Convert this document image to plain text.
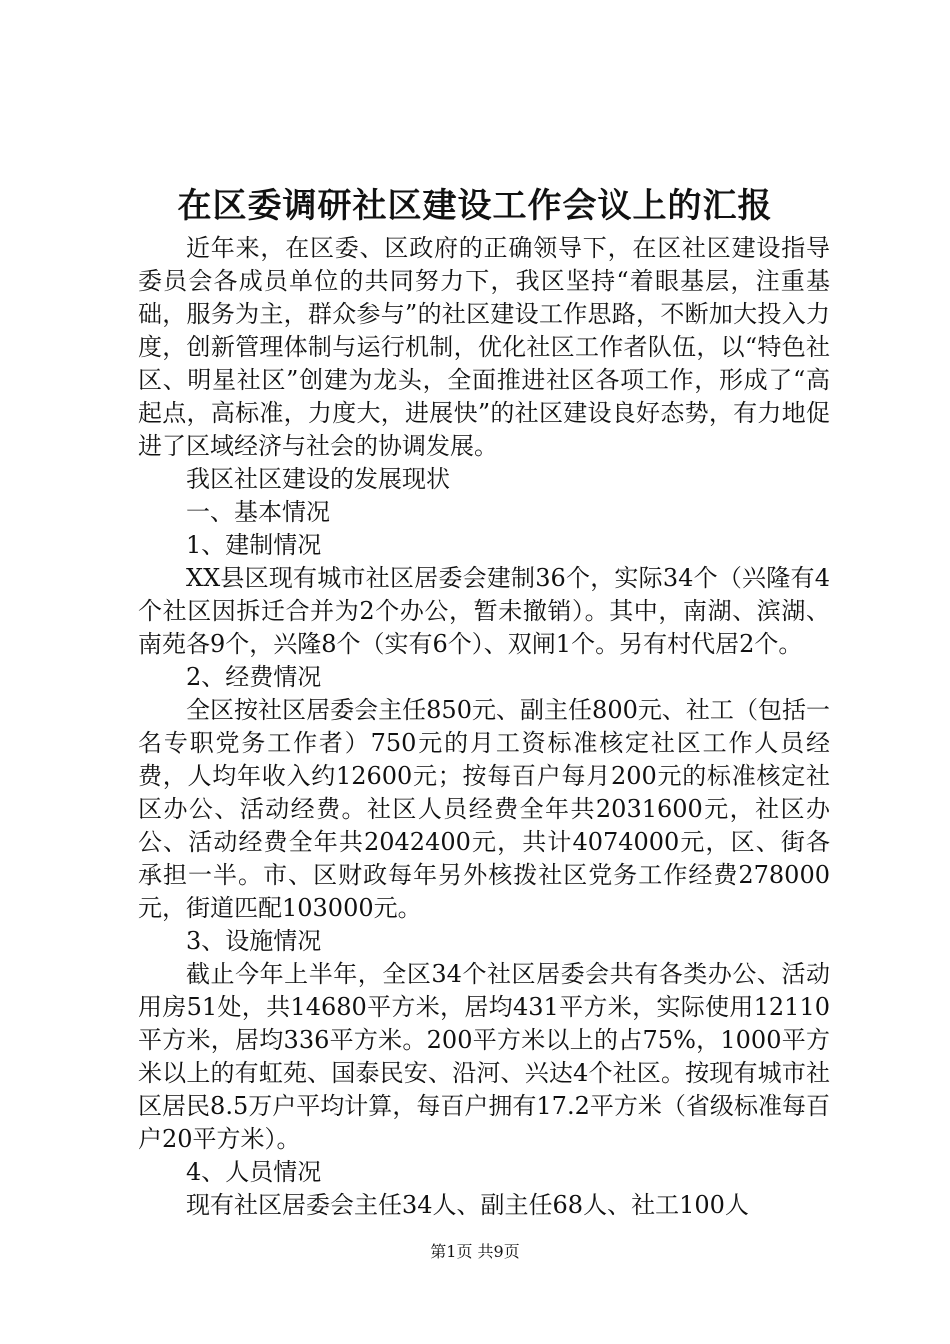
在区委调研社区建设工作会议上的汇报

近年来，在区委、区政府的正确领导下，在区社区建设指导委员会各成员单位的共同努力下，我区坚持“着眼基层，注重基础，服务为主，群众参与”的社区建设工作思路，不断加大投入力度，创新管理体制与运行机制，优化社区工作者队伍，以“特色社区、明星社区”创建为龙头，全面推进社区各项工作，形成了“高起点，高标准，力度大，进展快”的社区建设良好态势，有力地促进了区域经济与社会的协调发展。

我区社区建设的发展现状

一、基本情况

1、建制情况

XX县区现有城市社区居委会建制36个，实际34个（兴隆有4个社区因拆迁合并为2个办公，暂未撤销）。其中，南湖、滨湖、南苑各9个，兴隆8个（实有6个）、双闸1个。另有村代居2个。

2、经费情况

全区按社区居委会主任850元、副主任800元、社工（包括一名专职党务工作者）750元的月工资标准核定社区工作人员经费，人均年收入约12600元；按每百户每月200元的标准核定社区办公、活动经费。社区人员经费全年共2031600元，社区办公、活动经费全年共2042400元，共计4074000元，区、街各承担一半。市、区财政每年另外核拨社区党务工作经费278000元，街道匹配103000元。

3、设施情况

截止今年上半年，全区34个社区居委会共有各类办公、活动用房51处，共14680平方米，居均431平方米，实际使用12110平方米，居均336平方米。200平方米以上的占75%，1000平方米以上的有虹苑、国泰民安、沿河、兴达4个社区。按现有城市社区居民8.5万户平均计算，每百户拥有17.2平方米（省级标准每百户20平方米）。

4、人员情况

现有社区居委会主任34人、副主任68人、社工100人

第1页 共9页
